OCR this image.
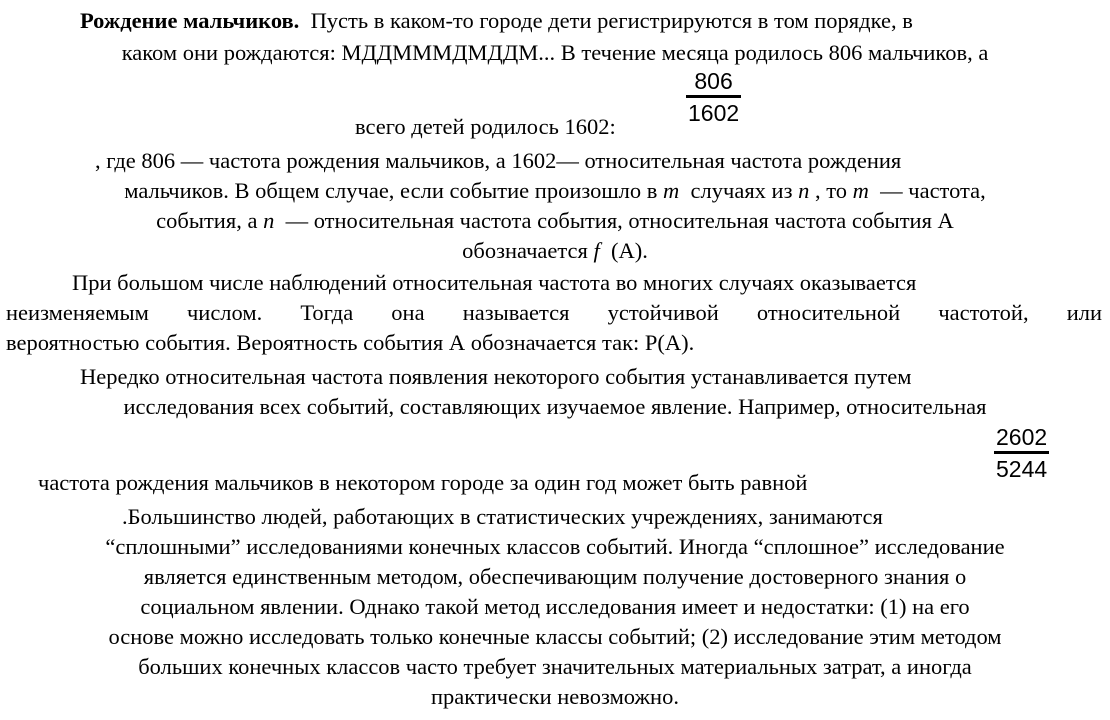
Рождение мальчиков. Пусть в каком-то городе дети регистрируются в том порядке, в
каком они рождаются: МДДМММДМДДМ... В течение месяца родилось 806 мальчиков, а
всего детей родилось 1602:
806
1602
, где 806 — частота рождения мальчиков, а 1602— относительная частота рождения
мальчиков. В общем случае, если событие произошло в m случаях из n , то m — частота,
события, а n — относительная частота события, относительная частота события А
обозначается f (А).
При большом числе наблюдений относительная частота во многих случаях оказывается
неизменяемым числом. Тогда она называется устойчивой относительной частотой, или
вероятностью события. Вероятность события А обозначается так: Р(А).
Нередко относительная частота появления некоторого события устанавливается путем
исследования всех событий, составляющих изучаемое явление. Например, относительная
частота рождения мальчиков в некотором городе за один год может быть равной
2602
5244
.Большинство людей, работающих в статистических учреждениях, занимаются
“сплошными” исследованиями конечных классов событий. Иногда “сплошное” исследование
является единственным методом, обеспечивающим получение достоверного знания о
социальном явлении. Однако такой метод исследования имеет и недостатки: (1) на его
основе можно исследовать только конечные классы событий; (2) исследование этим методом
больших конечных классов часто требует значительных материальных затрат, а иногда
практически невозможно.
